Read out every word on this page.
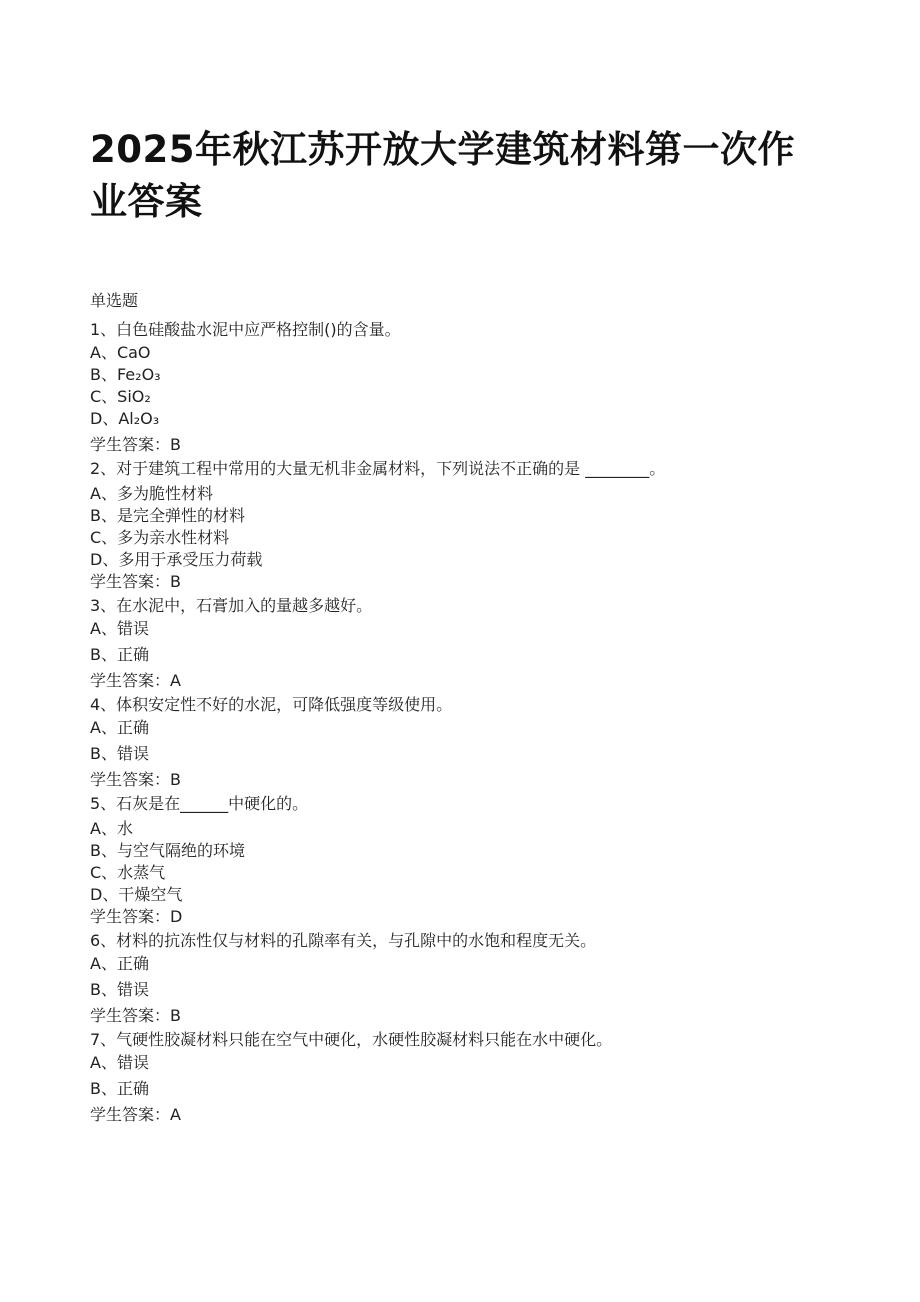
2025年秋江苏开放大学建筑材料第一次作业答案
单选题
1、白色硅酸盐水泥中应严格控制()的含量。
A、CaO
B、Fe₂O₃
C、SiO₂
D、Al₂O₃
学生答案：B
2、对于建筑工程中常用的大量无机非金属材料，下列说法不正确的是 ________。
A、多为脆性材料
B、是完全弹性的材料
C、多为亲水性材料
D、多用于承受压力荷载
学生答案：B
3、在水泥中，石膏加入的量越多越好。
A、错误
B、正确
学生答案：A
4、体积安定性不好的水泥，可降低强度等级使用。
A、正确
B、错误
学生答案：B
5、石灰是在______中硬化的。
A、水
B、与空气隔绝的环境
C、水蒸气
D、干燥空气
学生答案：D
6、材料的抗冻性仅与材料的孔隙率有关，与孔隙中的水饱和程度无关。
A、正确
B、错误
学生答案：B
7、气硬性胶凝材料只能在空气中硬化，水硬性胶凝材料只能在水中硬化。
A、错误
B、正确
学生答案：A
